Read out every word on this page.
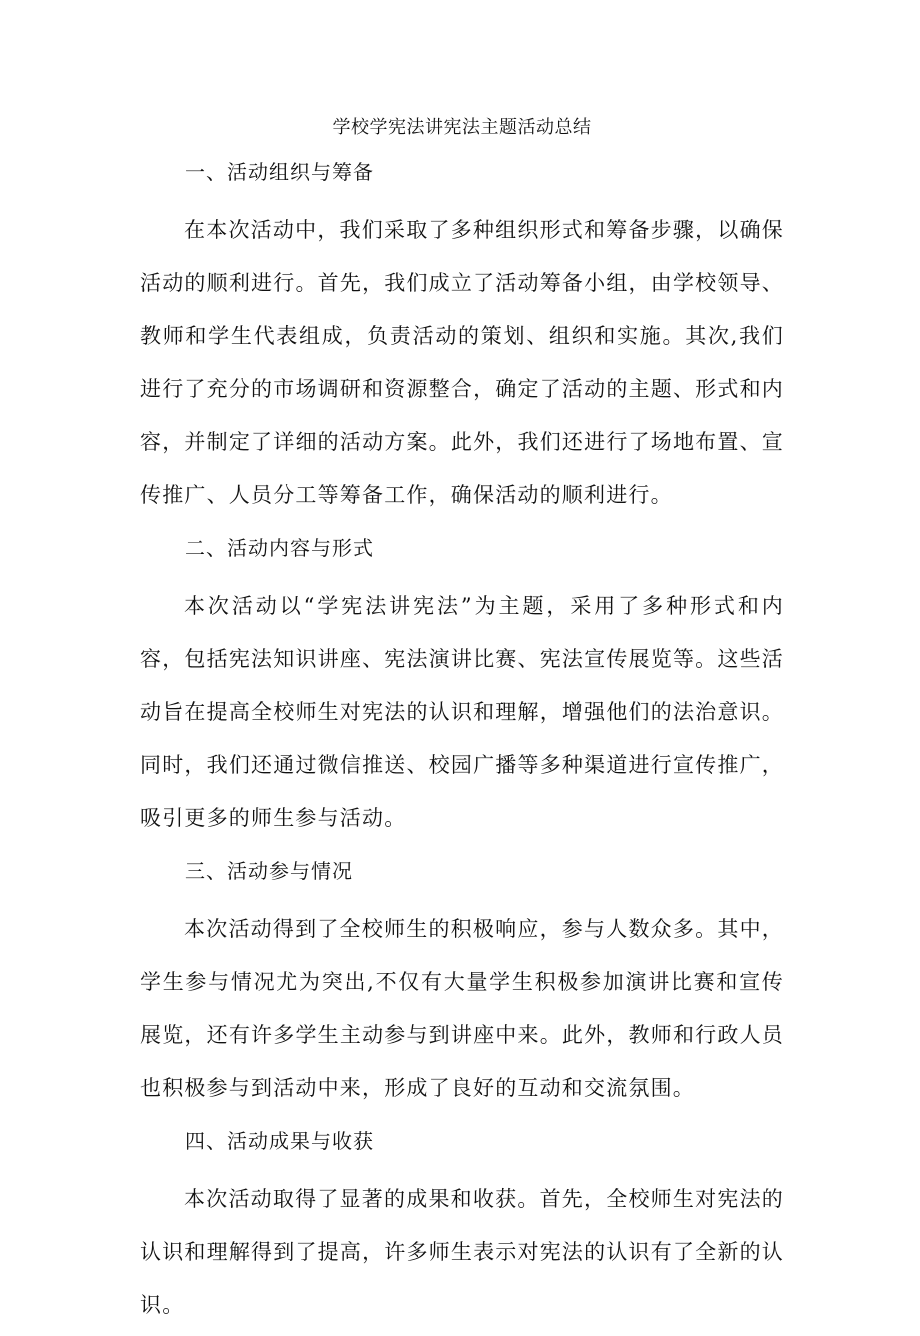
学校学宪法讲宪法主题活动总结
一、活动组织与筹备

在本次活动中，我们采取了多种组织形式和筹备步骤，以确保活动的顺利进行。首先，我们成立了活动筹备小组，由学校领导、教师和学生代表组成，负责活动的策划、组织和实施。其次,我们进行了充分的市场调研和资源整合，确定了活动的主题、形式和内容，并制定了详细的活动方案。此外，我们还进行了场地布置、宣传推广、人员分工等筹备工作，确保活动的顺利进行。

二、活动内容与形式

本次活动以“学宪法讲宪法”为主题，采用了多种形式和内容，包括宪法知识讲座、宪法演讲比赛、宪法宣传展览等。这些活动旨在提高全校师生对宪法的认识和理解，增强他们的法治意识。同时，我们还通过微信推送、校园广播等多种渠道进行宣传推广，吸引更多的师生参与活动。

三、活动参与情况

本次活动得到了全校师生的积极响应，参与人数众多。其中，学生参与情况尤为突出,不仅有大量学生积极参加演讲比赛和宣传展览，还有许多学生主动参与到讲座中来。此外，教师和行政人员也积极参与到活动中来，形成了良好的互动和交流氛围。

四、活动成果与收获

本次活动取得了显著的成果和收获。首先，全校师生对宪法的认识和理解得到了提高，许多师生表示对宪法的认识有了全新的认识。
